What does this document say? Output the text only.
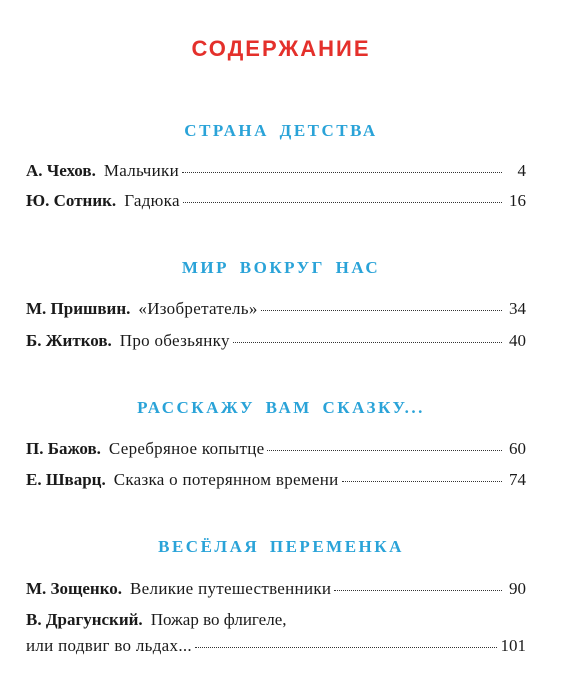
СОДЕРЖАНИЕ
СТРАНА ДЕТСТВА
А. Чехов. Мальчики	4
Ю. Сотник. Гадюка	16
МИР ВОКРУГ НАС
М. Пришвин. «Изобретатель»	34
Б. Житков. Про обезьянку	40
РАССКАЖУ ВАМ СКАЗКУ...
П. Бажов. Серебряное копытце	60
Е. Шварц. Сказка о потерянном времени	74
ВЕСЁЛАЯ ПЕРЕМЕНКА
М. Зощенко. Великие путешественники	90
В. Драгунский. Пожар во флигеле,
или подвиг во льдах...	101
